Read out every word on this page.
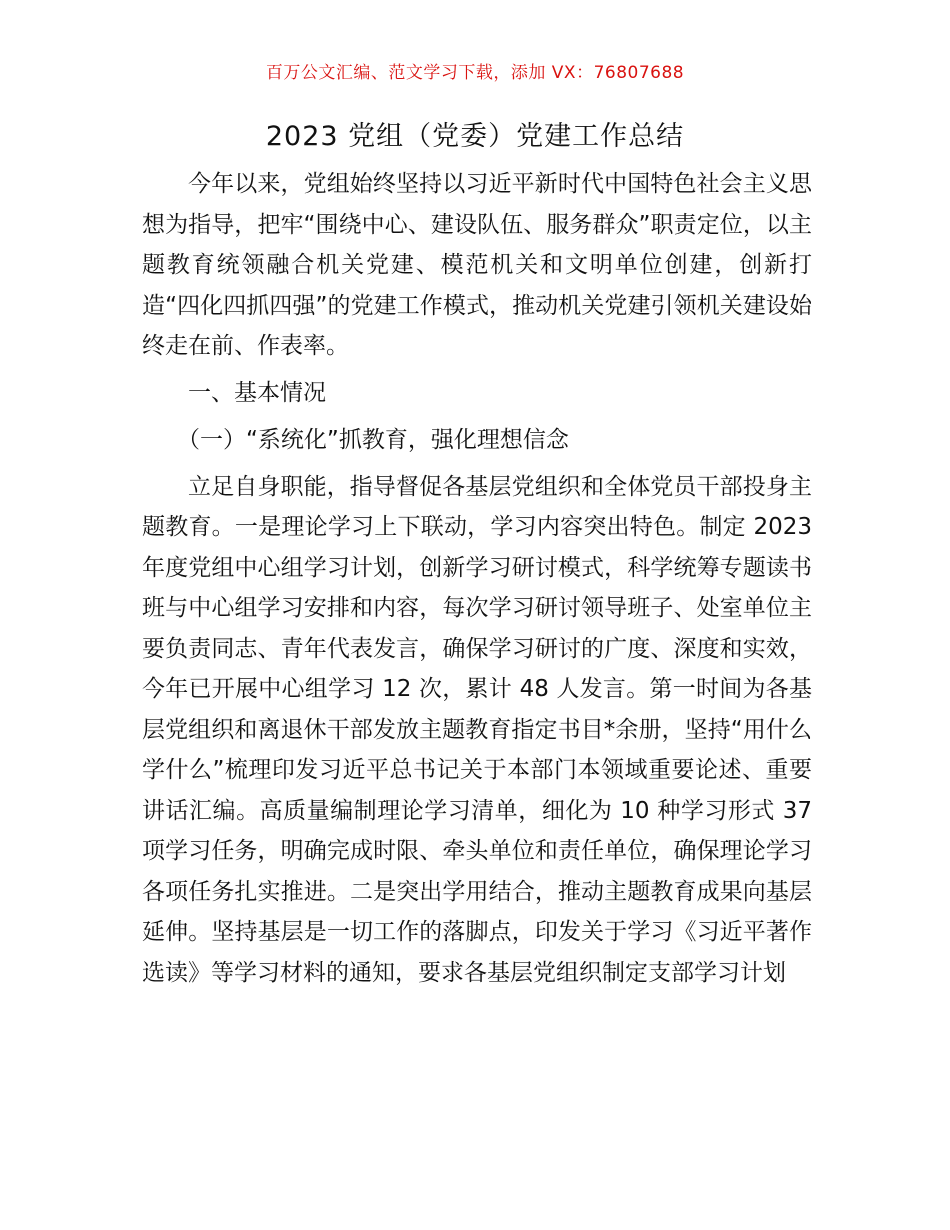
百万公文汇编、范文学习下载，添加 VX：76807688
2023 党组（党委）党建工作总结

今年以来，党组始终坚持以习近平新时代中国特色社会主义思想为指导，把牢“围绕中心、建设队伍、服务群众”职责定位，以主题教育统领融合机关党建、模范机关和文明单位创建，创新打造“四化四抓四强”的党建工作模式，推动机关党建引领机关建设始终走在前、作表率。

一、基本情况

（一）“系统化”抓教育，强化理想信念

立足自身职能，指导督促各基层党组织和全体党员干部投身主题教育。一是理论学习上下联动，学习内容突出特色。制定 2023 年度党组中心组学习计划，创新学习研讨模式，科学统筹专题读书班与中心组学习安排和内容，每次学习研讨领导班子、处室单位主要负责同志、青年代表发言，确保学习研讨的广度、深度和实效，今年已开展中心组学习 12 次，累计 48 人发言。第一时间为各基层党组织和离退休干部发放主题教育指定书目*余册，坚持“用什么学什么”梳理印发习近平总书记关于本部门本领域重要论述、重要讲话汇编。高质量编制理论学习清单，细化为 10 种学习形式 37 项学习任务，明确完成时限、牵头单位和责任单位，确保理论学习各项任务扎实推进。二是突出学用结合，推动主题教育成果向基层延伸。坚持基层是一切工作的落脚点，印发关于学习《习近平著作选读》等学习材料的通知，要求各基层党组织制定支部学习计划
